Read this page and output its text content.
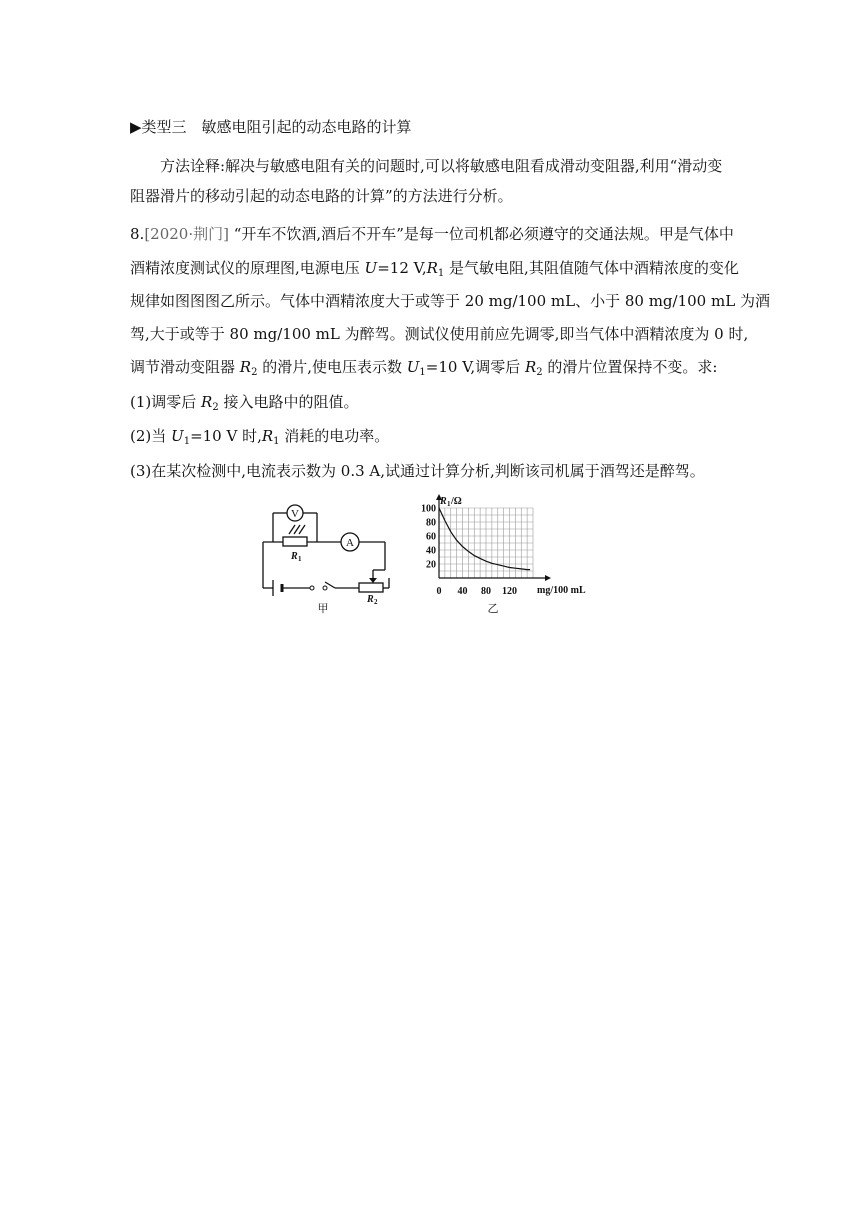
▶类型三　敏感电阻引起的动态电路的计算
方法诠释:解决与敏感电阻有关的问题时,可以将敏感电阻看成滑动变阻器,利用“滑动变
阻器滑片的移动引起的动态电路的计算”的方法进行分析。
8.[2020·荆门] “开车不饮酒,酒后不开车”是每一位司机都必须遵守的交通法规。甲是气体中
酒精浓度测试仪的原理图,电源电压 U=12 $V,R_1$ 是气敏电阻,其阻值随气体中酒精浓度的变化
规律如图图图乙所示。气体中酒精浓度大于或等于 20 mg/100 mL、小于 80 mg/100 mL 为酒
驾,大于或等于 80 mg/100 mL 为醉驾。测试仪使用前应先调零,即当气体中酒精浓度为 0 时,
调节滑动变阻器 $R_2$ 的滑片,使电压表示数 $U_1=10$ V,调零后 $R_2$ 的滑片位置保持不变。求:
(1)调零后 $R_2$ 接入电路中的阻值。
(2)当 $U_1=10$ V 时$,R_1$ 消耗的电功率。
(3)在某次检测中,电流表示数为 0.3 A,试通过计算分析,判断该司机属于酒驾还是醉驾。
V
A
R 1
R 2
甲
0 40 80 120
20
40
60
80
100
R 1 /Ω
mg/100 mL
乙
